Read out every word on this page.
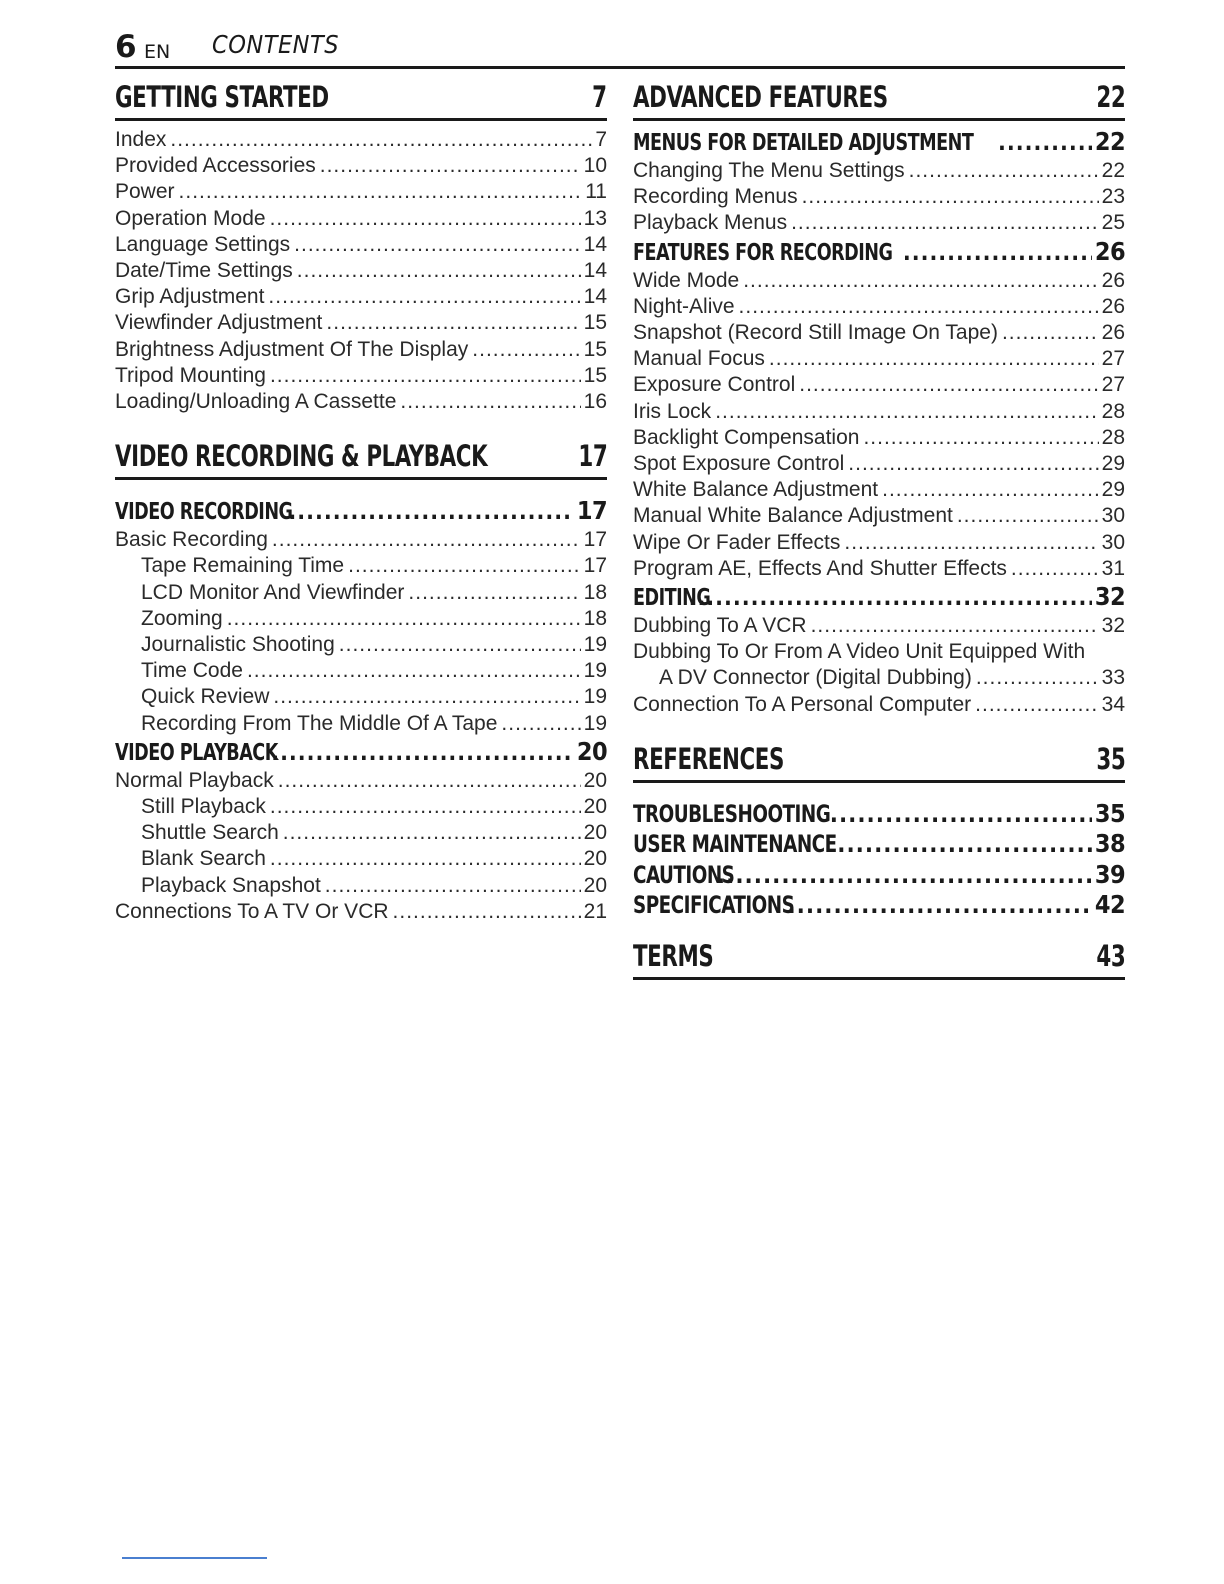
6 EN CONTENTS
GETTING STARTED	7
Index .....	7
Provided Accessories .....	10
Power .....	11
Operation Mode .....	13
Language Settings .....	14
Date/Time Settings .....	14
Grip Adjustment .....	14
Viewfinder Adjustment .....	15
Brightness Adjustment Of The Display .....	15
Tripod Mounting .....	15
Loading/Unloading A Cassette .....	16
VIDEO RECORDING & PLAYBACK	17
VIDEO RECORDING .....	17
Basic Recording .....	17
Tape Remaining Time .....	17
LCD Monitor And Viewfinder .....	18
Zooming .....	18
Journalistic Shooting .....	19
Time Code .....	19
Quick Review .....	19
Recording From The Middle Of A Tape .....	19
VIDEO PLAYBACK .....	20
Normal Playback .....	20
Still Playback .....	20
Shuttle Search .....	20
Blank Search .....	20
Playback Snapshot .....	20
Connections To A TV Or VCR .....	21
ADVANCED FEATURES	22
MENUS FOR DETAILED ADJUSTMENT .....	22
Changing The Menu Settings .....	22
Recording Menus .....	23
Playback Menus .....	25
FEATURES FOR RECORDING .....	26
Wide Mode .....	26
Night-Alive .....	26
Snapshot (Record Still Image On Tape) .....	26
Manual Focus .....	27
Exposure Control .....	27
Iris Lock .....	28
Backlight Compensation .....	28
Spot Exposure Control .....	29
White Balance Adjustment .....	29
Manual White Balance Adjustment .....	30
Wipe Or Fader Effects .....	30
Program AE, Effects And Shutter Effects .....	31
EDITING .....	32
Dubbing To A VCR .....	32
Dubbing To Or From A Video Unit Equipped With
A DV Connector (Digital Dubbing) .....	33
Connection To A Personal Computer .....	34
REFERENCES	35
TROUBLESHOOTING .....	35
USER MAINTENANCE .....	38
CAUTIONS .....	39
SPECIFICATIONS .....	42
TERMS	43
